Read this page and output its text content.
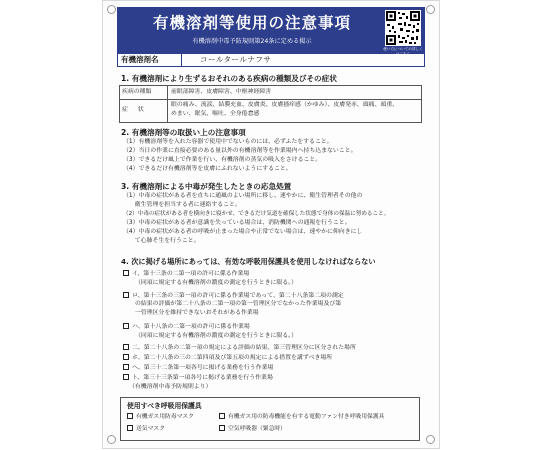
有機溶剤等使用の注意事項
有機溶剤中毒予防規則第24条に定める掲示
使い方についての詳しくはこちら
有機溶剤名	コールタールナフサ
1. 有機溶剤により生ずるおそれのある疾病の種類及びその症状
疾病の種類	前眼部障害、皮膚障害、中枢神経障害
症状
眼の痛み、流涙、結膜充血、皮膚炎、皮膚掻痒感（かゆみ）、皮膚発赤、頭痛、頭重、
めまい、眠気、嘔吐、全身倦怠感
2. 有機溶剤等の取扱い上の注意事項
（1）有機溶剤等を入れた容器で使用中でないものには、必ずふたをすること。
（2）当日の作業に直接必要のある量以外の有機溶剤等を作業場内へ持ち込まないこと。
（3）できるだけ風上で作業を行い、有機溶剤の蒸気の吸入をさけること。
（4）できるだけ有機溶剤等を皮膚にふれないようにすること。
3. 有機溶剤による中毒が発生したときの応急処置
（1）中毒の症状がある者を直ちに通風のよい場所に移し、速やかに、衛生管理者その他の
　　衛生管理を担当する者に連絡すること。
（2）中毒の症状がある者を横向きに寝かせ、できるだけ気道を確保した状態で身体の保温に努めること。
（3）中毒の症状がある者が意識を失っている場合は、消防機関への通報を行うこと。
（4）中毒の症状がある者の呼吸が止まった場合や正常でない場合は、速やかに仰向きにし
　　て心肺そ生を行うこと。
4. 次に掲げる場所にあっては、有効な呼吸用保護具を使用しなければならない
イ、第十三条の二第一項の許可に係る作業場
（同項に規定する有機溶剤の濃度の測定を行うときに限る。）
ロ、第十三条の三第一項の許可に係る作業場であって、第二十八条第二項の測定
の結果の評価が第二十八条の二第一項の第一管理区分でなかった作業場及び第
一管理区分を維持できないおそれがある作業場
ハ、第十八条の二第一項の許可に係る作業場
（同項に規定する有機溶剤の濃度の測定を行うときに限る。）
二、第二十八条の二第一項の規定による評価の結果、第三管理区分に区分された場所
ホ、第二十八条の三の二第四項及び第五項の規定による措置を講ずべき場所
ヘ、第三十二条第一項各号に掲げる業務を行う作業場
ト、第三十三条第一項各号に掲げる業務を行う作業場
（有機溶剤中毒予防規則より）
使用すべき呼吸用保護具
有機ガス用防毒マスク	有機ガス用の防毒機能を有する電動ファン付き呼吸用保護具
送気マスク	空気呼吸器（緊急時）
